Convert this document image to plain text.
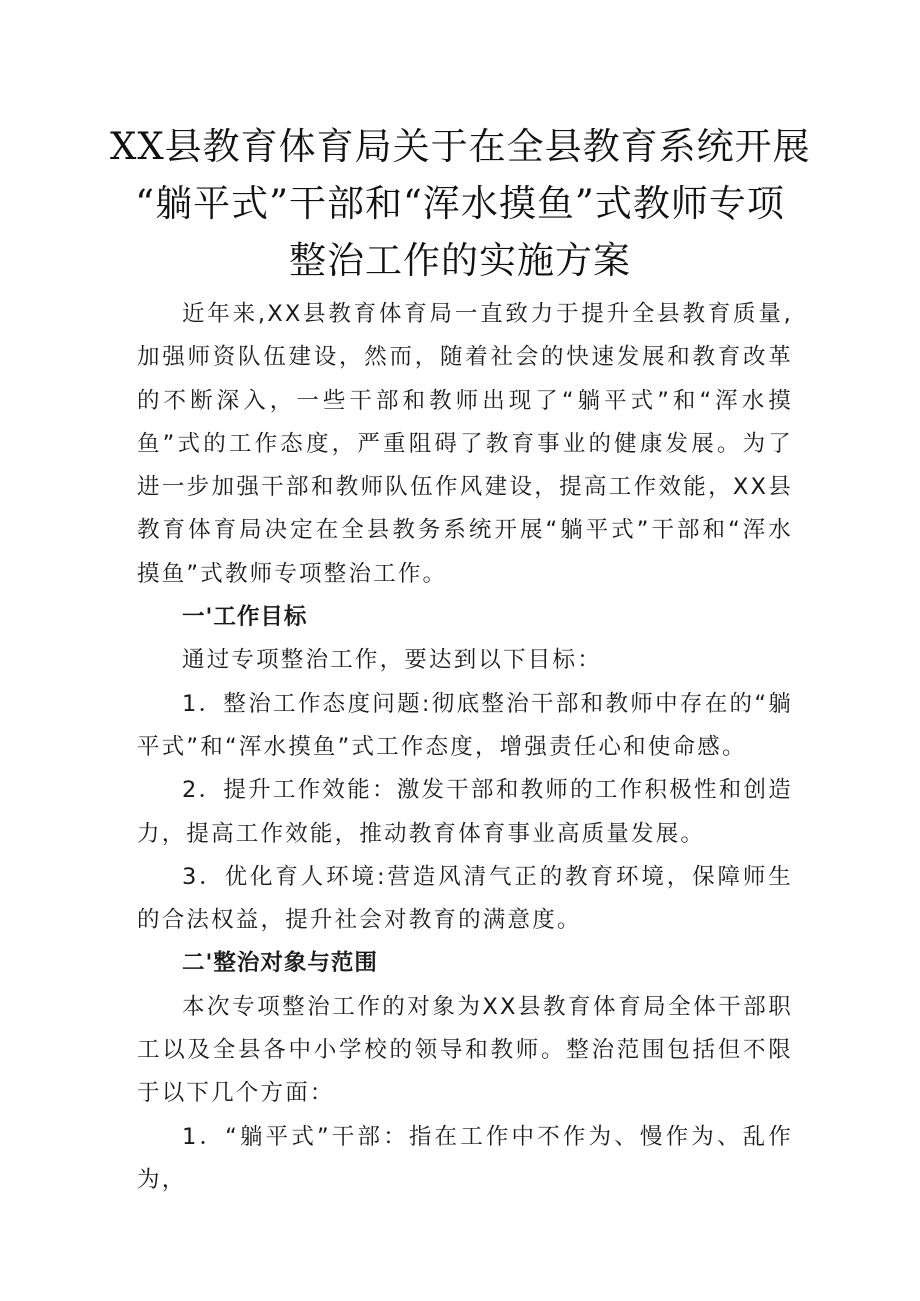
XX县教育体育局关于在全县教育系统开展
“躺平式”干部和“浑水摸鱼”式教师专项
整治工作的实施方案

近年来,XX县教育体育局一直致力于提升全县教育质量,加强师资队伍建设，然而，随着社会的快速发展和教育改革的不断深入，一些干部和教师出现了“躺平式”和“浑水摸鱼”式的工作态度，严重阻碍了教育事业的健康发展。为了进一步加强干部和教师队伍作风建设，提高工作效能，XX县教育体育局决定在全县教务系统开展“躺平式”干部和“浑水摸鱼”式教师专项整治工作。

一'工作目标

通过专项整治工作，要达到以下目标：

1．整治工作态度问题:彻底整治干部和教师中存在的“躺平式”和“浑水摸鱼”式工作态度，增强责任心和使命感。

2．提升工作效能：激发干部和教师的工作积极性和创造力，提高工作效能，推动教育体育事业高质量发展。

3．优化育人环境:营造风清气正的教育环境，保障师生的合法权益，提升社会对教育的满意度。

二'整治对象与范围

本次专项整治工作的对象为XX县教育体育局全体干部职工以及全县各中小学校的领导和教师。整治范围包括但不限于以下几个方面：

1．“躺平式”干部：指在工作中不作为、慢作为、乱作为，
